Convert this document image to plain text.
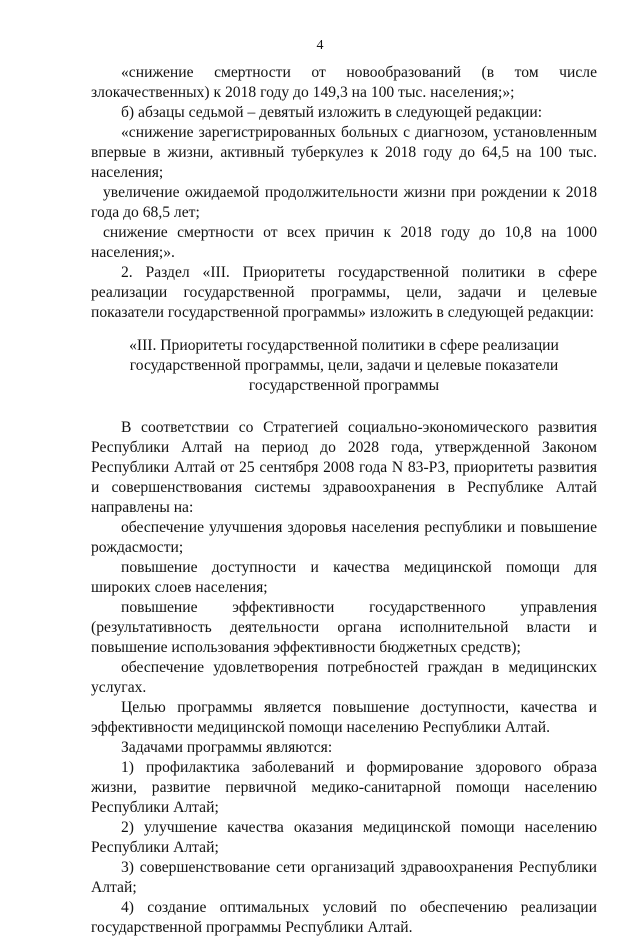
4

«снижение смертности от новообразований (в том числе злокачественных) к 2018 году до 149,3 на 100 тыс. населения;»;

б) абзацы седьмой – девятый изложить в следующей редакции:

«снижение зарегистрированных больных с диагнозом, установленным впервые в жизни, активный туберкулез к 2018 году до 64,5 на 100 тыс. населения;

увеличение ожидаемой продолжительности жизни при рождении к 2018 года до 68,5 лет;

снижение смертности от всех причин к 2018 году до 10,8 на 1000 населения;».

2. Раздел «III. Приоритеты государственной политики в сфере реализации государственной программы, цели, задачи и целевые показатели государственной программы» изложить в следующей редакции:

«III. Приоритеты государственной политики в сфере реализации государственной программы, цели, задачи и целевые показатели государственной программы

В соответствии со Стратегией социально-экономического развития Республики Алтай на период до 2028 года, утвержденной Законом Республики Алтай от 25 сентября 2008 года N 83-РЗ, приоритеты развития и совершенствования системы здравоохранения в Республике Алтай направлены на:

обеспечение улучшения здоровья населения республики и повышение рождасмости;

повышение доступности и качества медицинской помощи для широких слоев населения;

повышение эффективности государственного управления (результативность деятельности органа исполнительной власти и повышение использования эффективности бюджетных средств);

обеспечение удовлетворения потребностей граждан в медицинских услугах.

Целью программы является повышение доступности, качества и эффективности медицинской помощи населению Республики Алтай.

Задачами программы являются:

1) профилактика заболеваний и формирование здорового образа жизни, развитие первичной медико-санитарной помощи населению Республики Алтай;

2) улучшение качества оказания медицинской помощи населению Республики Алтай;

3) совершенствование сети организаций здравоохранения Республики Алтай;

4) создание оптимальных условий по обеспечению реализации государственной программы Республики Алтай.
